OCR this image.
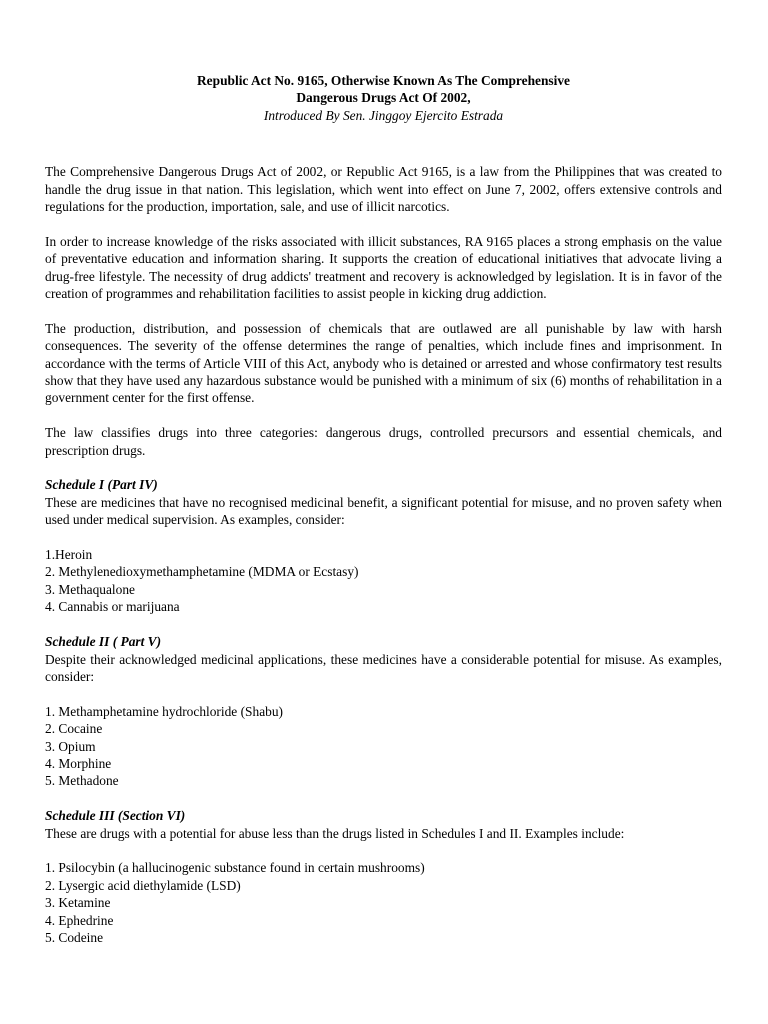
Republic Act No. 9165, Otherwise Known As The Comprehensive
Dangerous Drugs Act Of 2002,
Introduced By Sen. Jinggoy Ejercito Estrada

The Comprehensive Dangerous Drugs Act of 2002, or Republic Act 9165, is a law from the Philippines that was created to handle the drug issue in that nation. This legislation, which went into effect on June 7, 2002, offers extensive controls and regulations for the production, importation, sale, and use of illicit narcotics.

In order to increase knowledge of the risks associated with illicit substances, RA 9165 places a strong emphasis on the value of preventative education and information sharing. It supports the creation of educational initiatives that advocate living a drug-free lifestyle. The necessity of drug addicts' treatment and recovery is acknowledged by legislation. It is in favor of the creation of programmes and rehabilitation facilities to assist people in kicking drug addiction.

The production, distribution, and possession of chemicals that are outlawed are all punishable by law with harsh consequences. The severity of the offense determines the range of penalties, which include fines and imprisonment. In accordance with the terms of Article VIII of this Act, anybody who is detained or arrested and whose confirmatory test results show that they have used any hazardous substance would be punished with a minimum of six (6) months of rehabilitation in a government center for the first offense.

The law classifies drugs into three categories: dangerous drugs, controlled precursors and essential chemicals, and prescription drugs.

Schedule I (Part IV)

These are medicines that have no recognised medicinal benefit, a significant potential for misuse, and no proven safety when used under medical supervision. As examples, consider:

1.Heroin
2. Methylenedioxymethamphetamine (MDMA or Ecstasy)
3. Methaqualone
4. Cannabis or marijuana
Schedule II ( Part V)

Despite their acknowledged medicinal applications, these medicines have a considerable potential for misuse. As examples, consider:

1. Methamphetamine hydrochloride (Shabu)
2. Cocaine
3. Opium
4. Morphine
5. Methadone
Schedule III (Section VI)

These are drugs with a potential for abuse less than the drugs listed in Schedules I and II. Examples include:

1. Psilocybin (a hallucinogenic substance found in certain mushrooms)
2. Lysergic acid diethylamide (LSD)
3. Ketamine
4. Ephedrine
5. Codeine
